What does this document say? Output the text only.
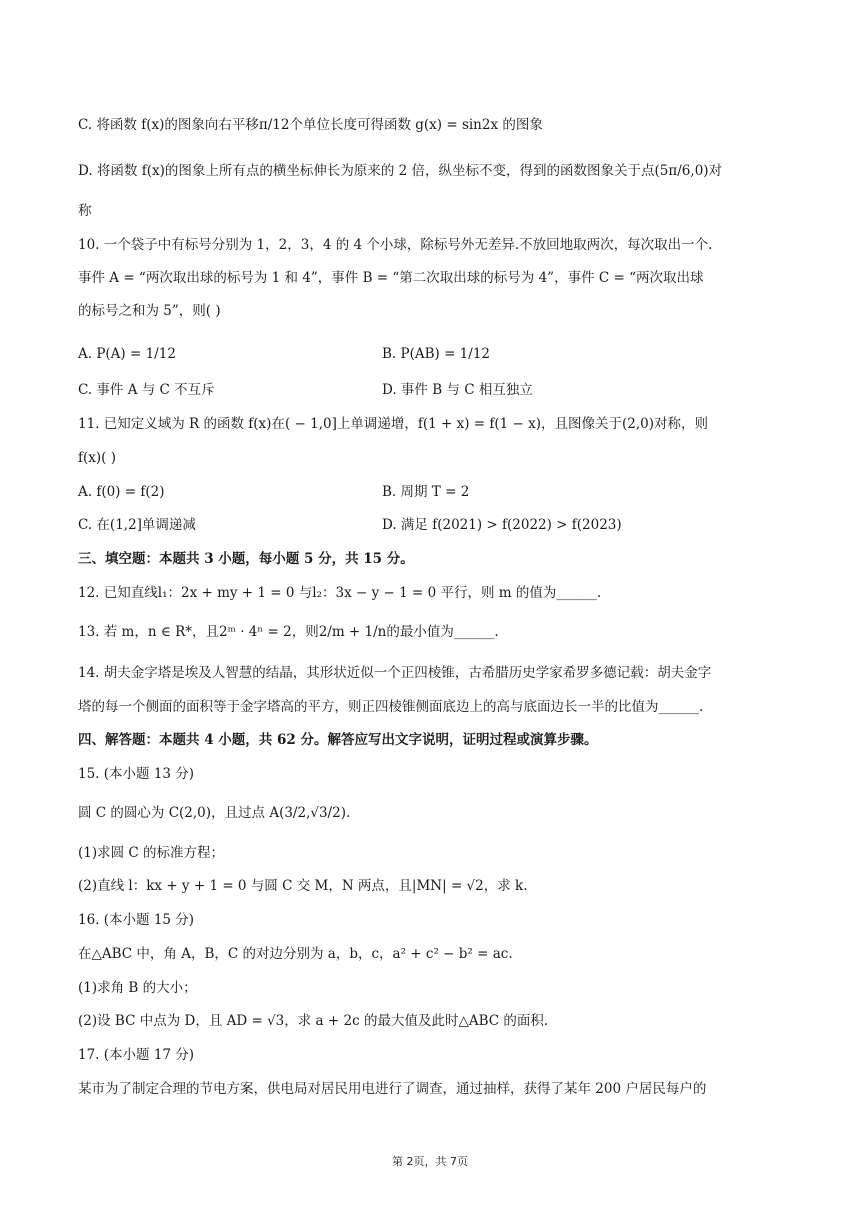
C. 将函数 f(x)的图象向右平移π/12个单位长度可得函数 g(x) = sin2x 的图象
D. 将函数 f(x)的图象上所有点的横坐标伸长为原来的 2 倍，纵坐标不变，得到的函数图象关于点(5π/6,0)对
称
10. 一个袋子中有标号分别为 1，2，3，4 的 4 个小球，除标号外无差异.不放回地取两次，每次取出一个.
事件 A = “两次取出球的标号为 1 和 4”，事件 B = “第二次取出球的标号为 4”，事件 C = “两次取出球
的标号之和为 5”，则( )
A. P(A) = 1/12	B. P(AB) = 1/12
C. 事件 A 与 C 不互斥	D. 事件 B 与 C 相互独立
11. 已知定义域为 R 的函数 f(x)在( − 1,0]上单调递增，f(1 + x) = f(1 − x)，且图像关于(2,0)对称，则
f(x)( )
A. f(0) = f(2)	B. 周期 T = 2
C. 在(1,2]单调递减	D. 满足 f(2021) > f(2022) > f(2023)
三、填空题：本题共 3 小题，每小题 5 分，共 15 分。
12. 已知直线l₁：2x + my + 1 = 0 与l₂：3x − y − 1 = 0 平行，则 m 的值为______.
13. 若 m，n ∈ R*，且2ᵐ · 4ⁿ = 2，则2/m + 1/n的最小值为______.
14. 胡夫金字塔是埃及人智慧的结晶，其形状近似一个正四棱锥，古希腊历史学家希罗多德记载：胡夫金字
塔的每一个侧面的面积等于金字塔高的平方，则正四棱锥侧面底边上的高与底面边长一半的比值为______.
四、解答题：本题共 4 小题，共 62 分。解答应写出文字说明，证明过程或演算步骤。
15. (本小题 13 分)
圆 C 的圆心为 C(2,0)，且过点 A(3/2,√3/2).
(1)求圆 C 的标准方程；
(2)直线 l：kx + y + 1 = 0 与圆 C 交 M，N 两点，且|MN| = √2，求 k.
16. (本小题 15 分)
在△ABC 中，角 A，B，C 的对边分别为 a，b，c，a² + c² − b² = ac.
(1)求角 B 的大小；
(2)设 BC 中点为 D，且 AD = √3，求 a + 2c 的最大值及此时△ABC 的面积.
17. (本小题 17 分)
某市为了制定合理的节电方案，供电局对居民用电进行了调查，通过抽样，获得了某年 200 户居民每户的
第 2页，共 7页
